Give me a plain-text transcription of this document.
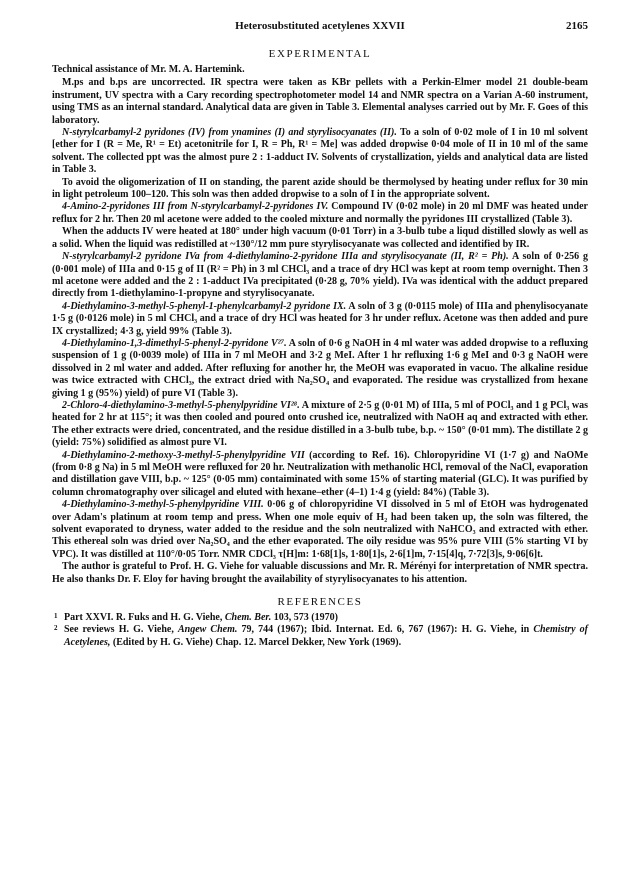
Heterosubstituted acetylenes XXVII	2165
EXPERIMENTAL

Technical assistance of Mr. M. A. Hartemink.

M.ps and b.ps are uncorrected. IR spectra were taken as KBr pellets with a Perkin-Elmer model 21 double-beam instrument, UV spectra with a Cary recording spectrophotometer model 14 and NMR spectra on a Varian A-60 instrument, using TMS as an internal standard. Analytical data are given in Table 3. Elemental analyses carried out by Mr. F. Goes of this laboratory.

N-styrylcarbamyl-2 pyridones (IV) from ynamines (I) and styrylisocyanates (II). To a soln of 0·02 mole of I in 10 ml solvent [ether for I (R = Me, R¹ = Et) acetonitrile for I, R = Ph, R¹ = Me] was added dropwise 0·04 mole of II in 10 ml of the same solvent. The collected ppt was the almost pure 2 : 1-adduct IV. Solvents of crystallization, yields and analytical data are listed in Table 3.

To avoid the oligomerization of II on standing, the parent azide should be thermolysed by heating under reflux for 30 min in light petroleum 100–120. This soln was then added dropwise to a soln of I in the appropriate solvent.

4-Amino-2-pyridones III from N-styrylcarbamyl-2-pyridones IV. Compound IV (0·02 mole) in 20 ml DMF was heated under reflux for 2 hr. Then 20 ml acetone were added to the cooled mixture and normally the pyridones III crystallized (Table 3).

When the adducts IV were heated at 180° under high vacuum (0·01 Torr) in a 3-bulb tube a liqud distilled slowly as well as a solid. When the liquid was redistilled at ~130°/12 mm pure styrylisocyanate was collected and identified by IR.

N-styrylcarbamyl-2 pyridone IVa from 4-diethylamino-2-pyridone IIIa and styrylisocyanate (II, R² = Ph). A soln of 0·256 g (0·001 mole) of IIIa and 0·15 g of II (R² = Ph) in 3 ml CHCl₃ and a trace of dry HCl was kept at room temp overnight. Then 3 ml acetone were added and the 2 : 1-adduct IVa precipitated (0·28 g, 70% yield). IVa was identical with the adduct prepared directly from 1-diethylamino-1-propyne and styrylisocyanate.

4-Diethylamino-3-methyl-5-phenyl-1-phenylcarbamyl-2 pyridone IX. A soln of 3 g (0·0115 mole) of IIIa and phenylisocyanate 1·5 g (0·0126 mole) in 5 ml CHCl₃ and a trace of dry HCl was heated for 3 hr under reflux. Acetone was then added and pure IX crystallized; 4·3 g, yield 99% (Table 3).

4-Diethylamino-1,3-dimethyl-5-phenyl-2-pyridone V²⁷. A soln of 0·6 g NaOH in 4 ml water was added dropwise to a refluxing suspension of 1 g (0·0039 mole) of IIIa in 7 ml MeOH and 3·2 g MeI. After 1 hr refluxing 1·6 g MeI and 0·3 g NaOH were dissolved in 2 ml water and added. After refluxing for another hr, the MeOH was evaporated in vacuo. The alkaline residue was twice extracted with CHCl₃, the extract dried with Na₂SO₄ and evaporated. The residue was crystallized from hexane giving 1 g (95%) yield) of pure VI (Table 3).

2-Chloro-4-diethylamino-3-methyl-5-phenylpyridine VI²⁸. A mixture of 2·5 g (0·01 M) of IIIa, 5 ml of POCl₃ and 1 g PCl₃ was heated for 2 hr at 115°; it was then cooled and poured onto crushed ice, neutralized with NaOH aq and extracted with ether. The ether extracts were dried, concentrated, and the residue distilled in a 3-bulb tube, b.p. ~ 150° (0·01 mm). The distillate 2 g (yield: 75%) solidified as almost pure VI.

4-Diethylamino-2-methoxy-3-methyl-5-phenylpyridine VII (according to Ref. 16). Chloropyridine VI (1·7 g) and NaOMe (from 0·8 g Na) in 5 ml MeOH were refluxed for 20 hr. Neutralization with methanolic HCl, removal of the NaCl, evaporation and distillation gave VIII, b.p. ~ 125° (0·05 mm) contaiminated with some 15% of starting material (GLC). It was purified by column chromatography over silicagel and eluted with hexane–ether (4–1) 1·4 g (yield: 84%) (Table 3).

4-Diethylamino-3-methyl-5-phenylpyridine VIII. 0·06 g of chloropyridine VI dissolved in 5 ml of EtOH was hydrogenated over Adam's platinum at room temp and press. When one mole equiv of H₂ had been taken up, the soln was filtered, the solvent evaporated to dryness, water added to the residue and the soln neutralized with NaHCO₃ and extracted with ether. This ethereal soln was dried over Na₂SO₄ and the ether evaporated. The oily residue was 95% pure VIII (5% starting VI by VPC). It was distilled at 110°/0·05 Torr. NMR CDCl₃ τ[H]m: 1·68[1]s, 1·80[1]s, 2·6[1]m, 7·15[4]q, 7·72[3]s, 9·06[6]t.

The author is grateful to Prof. H. G. Viehe for valuable discussions and Mr. R. Mérényi for interpretation of NMR spectra. He also thanks Dr. F. Eloy for having brought the availability of styrylisocyanates to his attention.

REFERENCES

1 Part XXVI. R. Fuks and H. G. Viehe, Chem. Ber. 103, 573 (1970)

2 See reviews H. G. Viehe, Angew Chem. 79, 744 (1967); Ibid. Internat. Ed. 6, 767 (1967): H. G. Viehe, in Chemistry of Acetylenes, (Edited by H. G. Viehe) Chap. 12. Marcel Dekker, New York (1969).
